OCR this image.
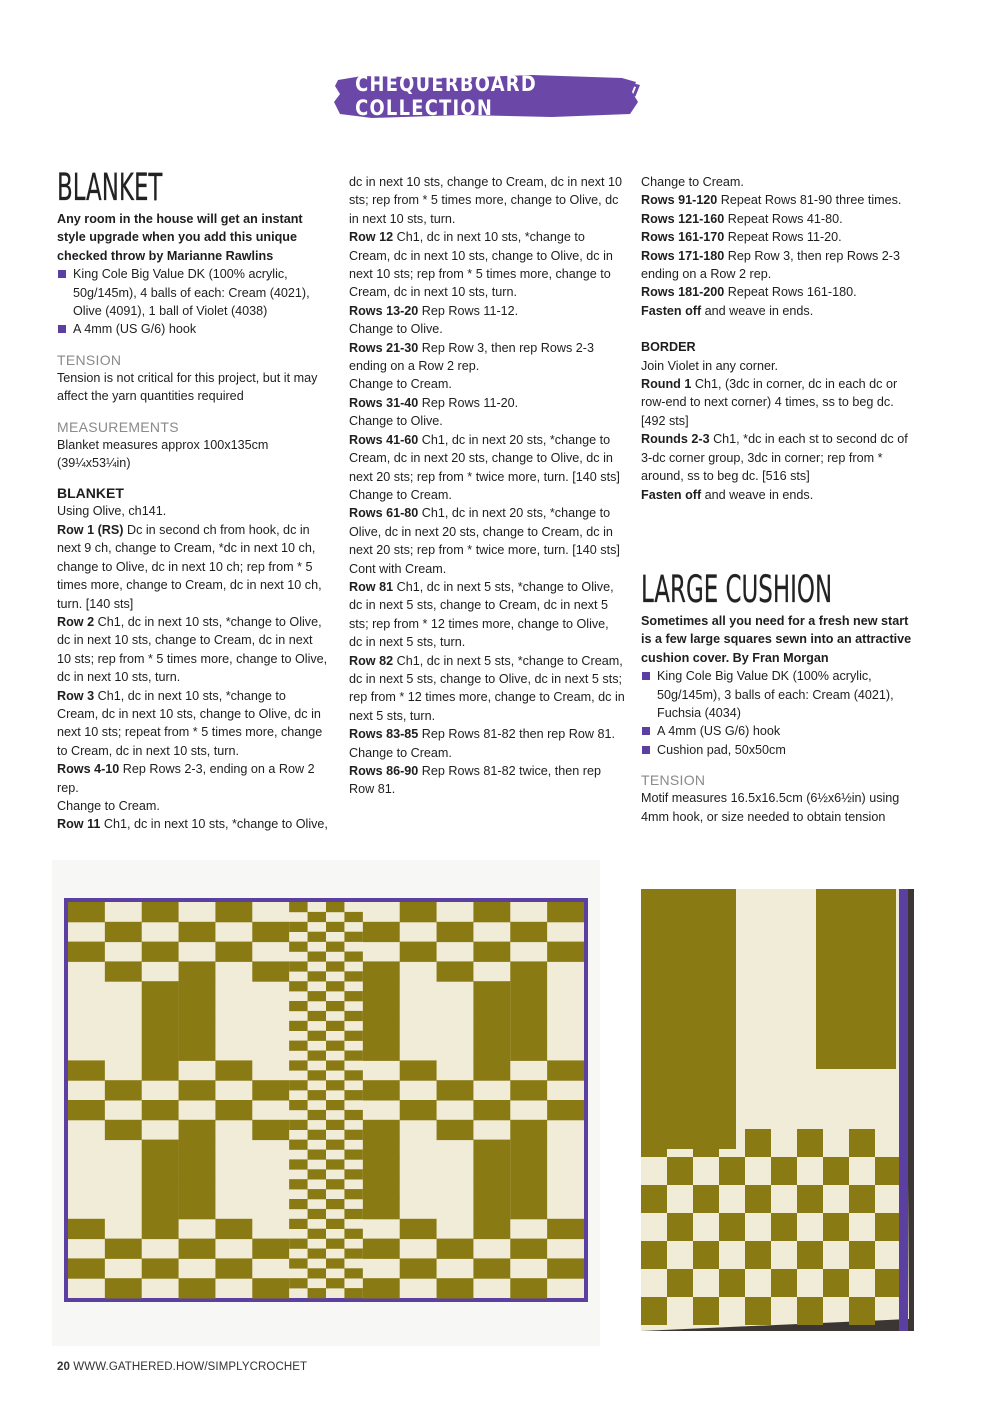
CHEQUERBOARD COLLECTION
BLANKET

Any room in the house will get an instant style upgrade when you add this unique checked throw by Marianne Rawlins

King Cole Big Value DK (100% acrylic, 50g/145m), 4 balls of each: Cream (4021), Olive (4091), 1 ball of Violet (4038)
A 4mm (US G/6) hook
TENSION

Tension is not critical for this project, but it may affect the yarn quantities required

MEASUREMENTS

Blanket measures approx 100x135cm (39¼x53¼in)

BLANKET

Using Olive, ch141.

Row 1 (RS) Dc in second ch from hook, dc in next 9 ch, change to Cream, *dc in next 10 ch, change to Olive, dc in next 10 ch; rep from * 5 times more, change to Cream, dc in next 10 ch, turn. [140 sts]

Row 2 Ch1, dc in next 10 sts, *change to Olive, dc in next 10 sts, change to Cream, dc in next 10 sts; rep from * 5 times more, change to Olive, dc in next 10 sts, turn.

Row 3 Ch1, dc in next 10 sts, *change to Cream, dc in next 10 sts, change to Olive, dc in next 10 sts; repeat from * 5 times more, change to Cream, dc in next 10 sts, turn.

Rows 4-10 Rep Rows 2-3, ending on a Row 2 rep.

Change to Cream.

Row 11 Ch1, dc in next 10 sts, *change to Olive,

dc in next 10 sts, change to Cream, dc in next 10 sts; rep from * 5 times more, change to Olive, dc in next 10 sts, turn.

Row 12 Ch1, dc in next 10 sts, *change to Cream, dc in next 10 sts, change to Olive, dc in next 10 sts; rep from * 5 times more, change to Cream, dc in next 10 sts, turn.

Rows 13-20 Rep Rows 11-12.

Change to Olive.

Rows 21-30 Rep Row 3, then rep Rows 2-3 ending on a Row 2 rep.

Change to Cream.

Rows 31-40 Rep Rows 11-20.

Change to Olive.

Rows 41-60 Ch1, dc in next 20 sts, *change to Cream, dc in next 20 sts, change to Olive, dc in next 20 sts; rep from * twice more, turn. [140 sts]

Change to Cream.

Rows 61-80 Ch1, dc in next 20 sts, *change to Olive, dc in next 20 sts, change to Cream, dc in next 20 sts; rep from * twice more, turn. [140 sts]

Cont with Cream.

Row 81 Ch1, dc in next 5 sts, *change to Olive, dc in next 5 sts, change to Cream, dc in next 5 sts; rep from * 12 times more, change to Olive, dc in next 5 sts, turn.

Row 82 Ch1, dc in next 5 sts, *change to Cream, dc in next 5 sts, change to Olive, dc in next 5 sts; rep from * 12 times more, change to Cream, dc in next 5 sts, turn.

Rows 83-85 Rep Rows 81-82 then rep Row 81.

Change to Cream.

Rows 86-90 Rep Rows 81-82 twice, then rep Row 81.

Change to Cream.

Rows 91-120 Repeat Rows 81-90 three times.

Rows 121-160 Repeat Rows 41-80.

Rows 161-170 Repeat Rows 11-20.

Rows 171-180 Rep Row 3, then rep Rows 2-3 ending on a Row 2 rep.

Rows 181-200 Repeat Rows 161-180.

Fasten off and weave in ends.

BORDER

Join Violet in any corner.

Round 1 Ch1, (3dc in corner, dc in each dc or row-end to next corner) 4 times, ss to beg dc. [492 sts]

Rounds 2-3 Ch1, *dc in each st to second dc of 3-dc corner group, 3dc in corner; rep from * around, ss to beg dc. [516 sts]

Fasten off and weave in ends.

LARGE CUSHION

Sometimes all you need for a fresh new start is a few large squares sewn into an attractive cushion cover. By Fran Morgan

King Cole Big Value DK (100% acrylic, 50g/145m), 3 balls of each: Cream (4021), Fuchsia (4034)
A 4mm (US G/6) hook
Cushion pad, 50x50cm
TENSION

Motif measures 16.5x16.5cm (6½x6½in) using 4mm hook, or size needed to obtain tension

20 WWW.GATHERED.HOW/SIMPLYCROCHET
